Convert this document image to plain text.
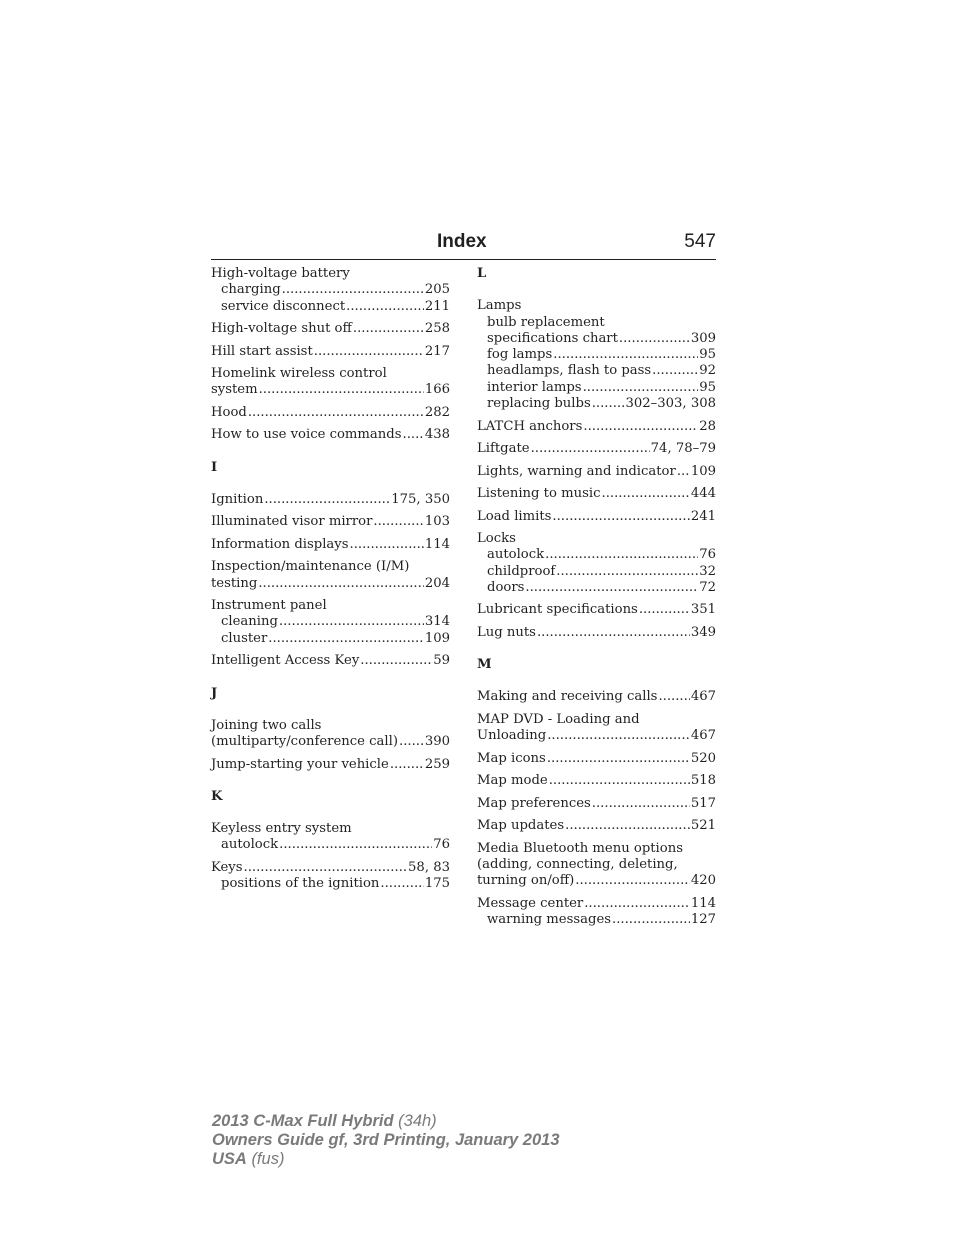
Index	547
High-voltage battery
charging .....	205
service disconnect .....	211
High-voltage shut off .....	258
Hill start assist .....	217
Homelink wireless control
system .....	166
Hood .....	282
How to use voice commands ..... 438
I
Ignition .....	175, 350
Illuminated visor mirror .....	103
Information displays .....	114
Inspection/maintenance (I/M)
testing .....	204
Instrument panel
cleaning .....	314
cluster .....	109
Intelligent Access Key .....	59
J
Joining two calls
(multiparty/conference call) ..... 390
Jump-starting your vehicle .....	259
K
Keyless entry system
autolock .....	76
Keys .....	58, 83
positions of the ignition .....	175
L
Lamps
bulb replacement
specifications chart .....	309
fog lamps .....	95
headlamps, flash to pass .....	92
interior lamps .....	95
replacing bulbs .....	302–303, 308
LATCH anchors .....	28
Liftgate .....	74, 78–79
Lights, warning and indicator ..... 109
Listening to music .....	444
Load limits .....	241
Locks
autolock .....	76
childproof .....	32
doors .....	72
Lubricant specifications .....	351
Lug nuts .....	349
M
Making and receiving calls .....	467
MAP DVD - Loading and
Unloading .....	467
Map icons .....	520
Map mode .....	518
Map preferences .....	517
Map updates .....	521
Media Bluetooth menu options
(adding, connecting, deleting,
turning on/off) .....	420
Message center .....	114
warning messages .....	127
2013 C-Max Full Hybrid (34h)
Owners Guide gf, 3rd Printing, January 2013
USA (fus)
